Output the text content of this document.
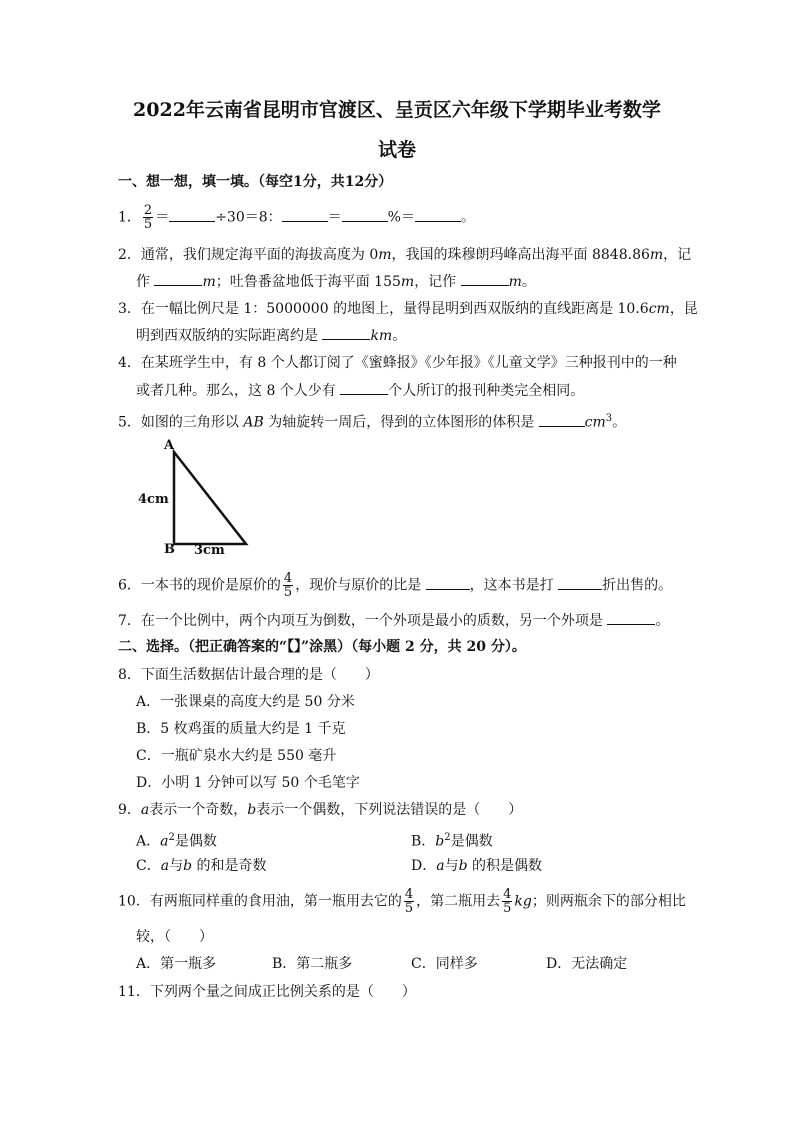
2022年云南省昆明市官渡区、呈贡区六年级下学期毕业考数学
试卷
一、想一想，填一填。（每空1分，共12分）
1． $\frac{2}{5}$ ＝	÷30＝8：	＝	%＝	。
2．通常，我们规定海平面的海拔高度为 0m，我国的珠穆朗玛峰高出海平面 8848.86m，记
作	m；吐鲁番盆地低于海平面 155m，记作	m。
3．在一幅比例尺是 1：5000000 的地图上，量得昆明到西双版纳的直线距离是 10.6cm，昆
明到西双版纳的实际距离约是	km。
4．在某班学生中，有 8 个人都订阅了《蜜蜂报》《少年报》《儿童文学》三种报刊中的一种
或者几种。那么，这 8 个人少有	个人所订的报刊种类完全相同。
5．如图的三角形以 AB 为轴旋转一周后，得到的立体图形的体积是	$cm^3$。
A
B
4cm
3cm
6．一本书的现价是原价的 $\frac{4}{5}$ ，现价与原价的比是	，这本书是打	折出售的。
7．在一个比例中，两个内项互为倒数，一个外项是最小的质数，另一个外项是	。
二、选择。（把正确答案的“【】”涂黑）（每小题 2 分，共 20 分）。
8．下面生活数据估计最合理的是（　　）
A．一张课桌的高度大约是 50 分米
B．5 枚鸡蛋的质量大约是 1 千克
C．一瓶矿泉水大约是 550 毫升
D．小明 1 分钟可以写 50 个毛笔字
9．a表示一个奇数，b表示一个偶数，下列说法错误的是（　　）
A．$a^2$是偶数	B．$b^2$是偶数
C．a与b 的和是奇数	D．a与b 的积是偶数
10．有两瓶同样重的食用油，第一瓶用去它的 $\frac{4}{5}$ ，第二瓶用去 $\frac{4}{5}$ kg；则两瓶余下的部分相比
较，（　　）
A．第一瓶多	B．第二瓶多	C．同样多	D．无法确定
11．下列两个量之间成正比例关系的是（　　）
